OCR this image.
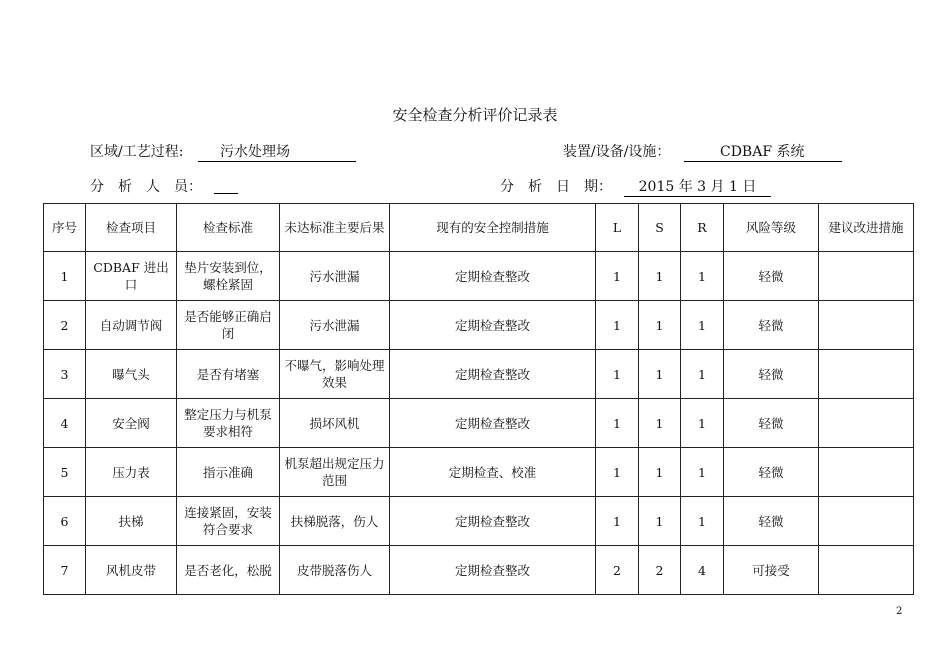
安全检查分析评价记录表
区域/工艺过程:	污水处理场	装置/设备/设施：	CDBAF 系统
分　析　人　员：	分　析　日　期：	2015 年 3 月 1 日
序号	检查项目	检查标准	未达标准主要后果	现有的安全控制措施	L	S	R	风险等级	建议改进措施
1	CDBAF 进出口	垫片安装到位，螺栓紧固	污水泄漏	定期检查整改	1	1	1	轻微	
2	自动调节阀	是否能够正确启闭	污水泄漏	定期检查整改	1	1	1	轻微	
3	曝气头	是否有堵塞	不曝气，影响处理效果	定期检查整改	1	1	1	轻微	
4	安全阀	整定压力与机泵要求相符	损坏风机	定期检查整改	1	1	1	轻微	
5	压力表	指示准确	机泵超出规定压力范围	定期检查、校准	1	1	1	轻微	
6	扶梯	连接紧固，安装符合要求	扶梯脱落，伤人	定期检查整改	1	1	1	轻微	
7	风机皮带	是否老化，松脱	皮带脱落伤人	定期检查整改	2	2	4	可接受	
2
